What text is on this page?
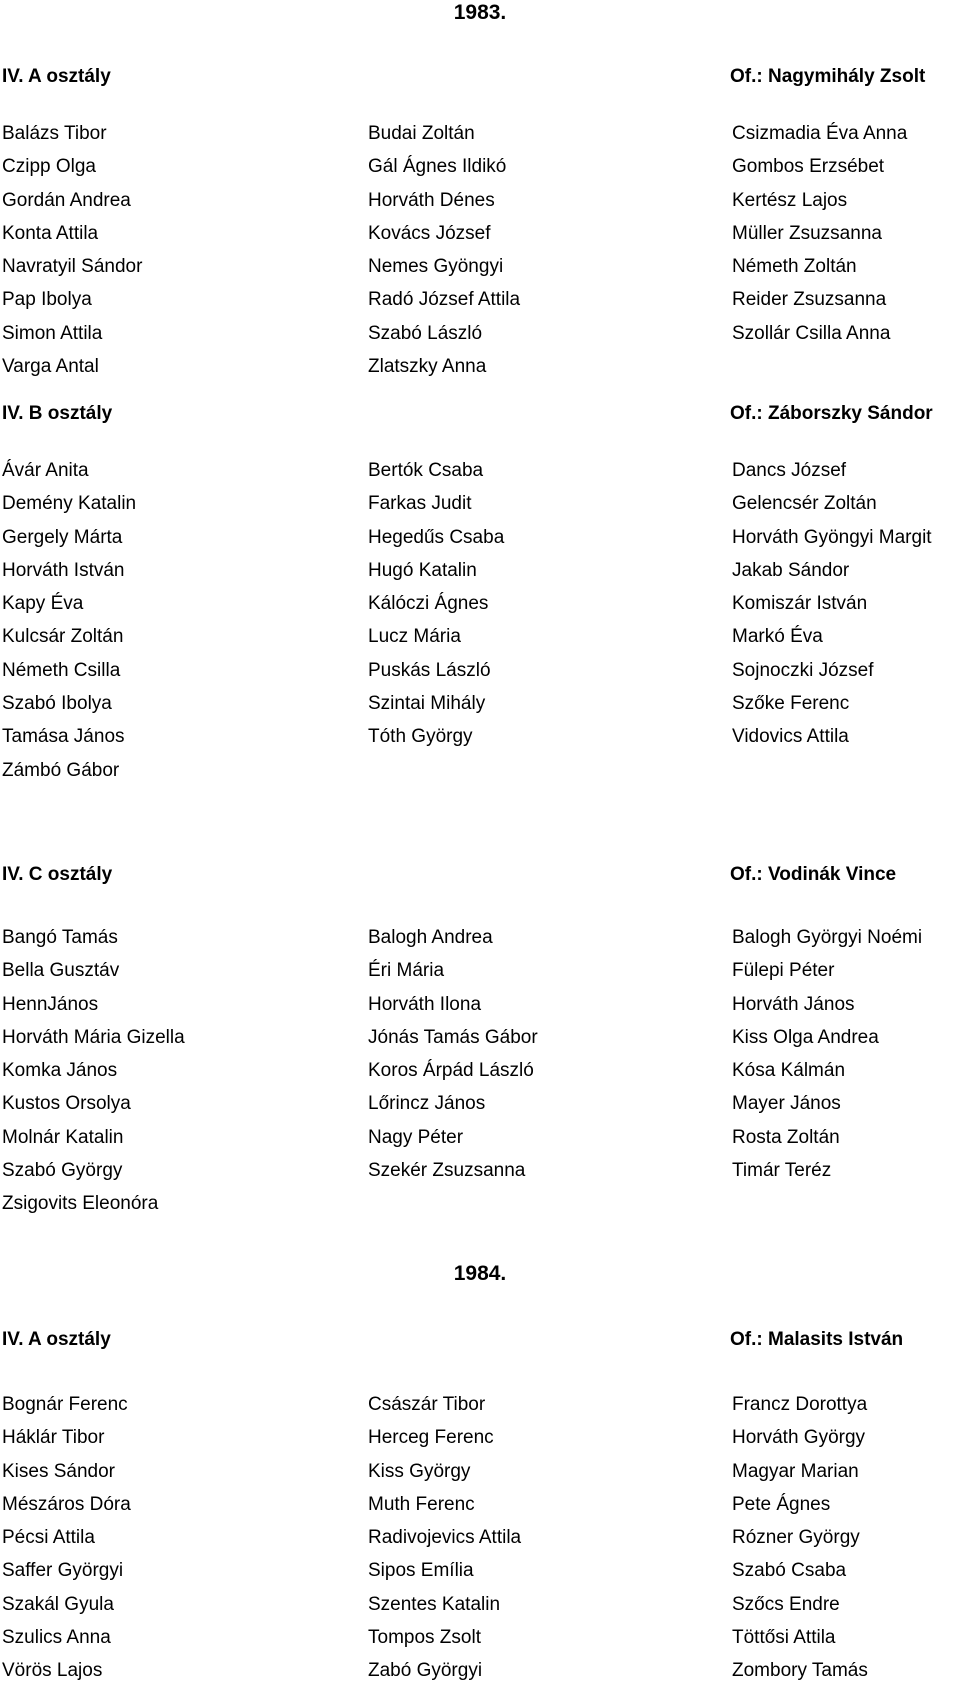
1983.
IV. A osztály	Of.: Nagymihály Zsolt
Balázs Tibor	Budai Zoltán	Csizmadia Éva Anna
Czipp Olga	Gál Ágnes Ildikó	Gombos Erzsébet
Gordán Andrea	Horváth Dénes	Kertész Lajos
Konta Attila	Kovács József	Müller Zsuzsanna
Navratyil Sándor	Nemes Gyöngyi	Németh Zoltán
Pap Ibolya	Radó József Attila	Reider Zsuzsanna
Simon Attila	Szabó László	Szollár Csilla Anna
Varga Antal	Zlatszky Anna
IV. B osztály	Of.: Záborszky Sándor
Ávár Anita	Bertók Csaba	Dancs József
Demény Katalin	Farkas Judit	Gelencsér Zoltán
Gergely Márta	Hegedűs Csaba	Horváth Gyöngyi Margit
Horváth István	Hugó Katalin	Jakab Sándor
Kapy Éva	Kálóczi Ágnes	Komiszár István
Kulcsár Zoltán	Lucz Mária	Markó Éva
Németh Csilla	Puskás László	Sojnoczki József
Szabó Ibolya	Szintai Mihály	Szőke Ferenc
Tamása János	Tóth György	Vidovics Attila
Zámbó Gábor
IV. C osztály	Of.: Vodinák Vince
Bangó Tamás	Balogh Andrea	Balogh Györgyi Noémi
Bella Gusztáv	Éri Mária	Fülepi Péter
HennJános	Horváth Ilona	Horváth János
Horváth Mária Gizella	Jónás Tamás Gábor	Kiss Olga Andrea
Komka János	Koros Árpád László	Kósa Kálmán
Kustos Orsolya	Lőrincz János	Mayer János
Molnár Katalin	Nagy Péter	Rosta Zoltán
Szabó György	Szekér Zsuzsanna	Timár Teréz
Zsigovits Eleonóra
1984.
IV. A osztály	Of.: Malasits István
Bognár Ferenc	Császár Tibor	Francz Dorottya
Háklár Tibor	Herceg Ferenc	Horváth György
Kises Sándor	Kiss György	Magyar Marian
Mészáros Dóra	Muth Ferenc	Pete Ágnes
Pécsi Attila	Radivojevics Attila	Rózner György
Saffer Györgyi	Sipos Emília	Szabó Csaba
Szakál Gyula	Szentes Katalin	Szőcs Endre
Szulics Anna	Tompos Zsolt	Töttősi Attila
Vörös Lajos	Zabó Györgyi	Zombory Tamás
